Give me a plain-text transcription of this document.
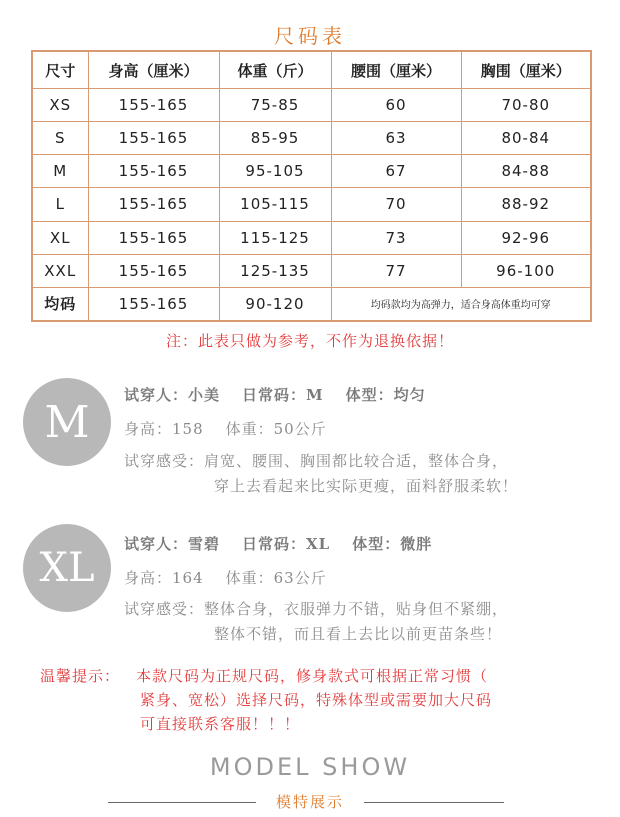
尺码表
尺寸	身高（厘米）	体重（斤）	腰围（厘米）	胸围（厘米）
XS	155-165	75-85	60	70-80
S	155-165	85-95	63	80-84
M	155-165	95-105	67	84-88
L	155-165	105-115	70	88-92
XL	155-165	115-125	73	92-96
XXL	155-165	125-135	77	96-100
均码	155-165	90-120	均码款均为高弹力，适合身高体重均可穿	
注：此表只做为参考，不作为退换依据！
M
试穿人：小美 日常码：M 体型：均匀
身高：158 体重：50公斤
试穿感受：肩宽、腰围、胸围都比较合适，整体合身，
穿上去看起来比实际更瘦，面料舒服柔软！
XL
试穿人：雪碧 日常码：XL 体型：微胖
身高：164 体重：63公斤
试穿感受：整体合身，衣服弹力不错，贴身但不紧绷，
整体不错，而且看上去比以前更苗条些！
温馨提示： 本款尺码为正规尺码，修身款式可根据正常习惯（
紧身、宽松）选择尺码，特殊体型或需要加大尺码
可直接联系客服！！！
MODEL SHOW
模特展示
